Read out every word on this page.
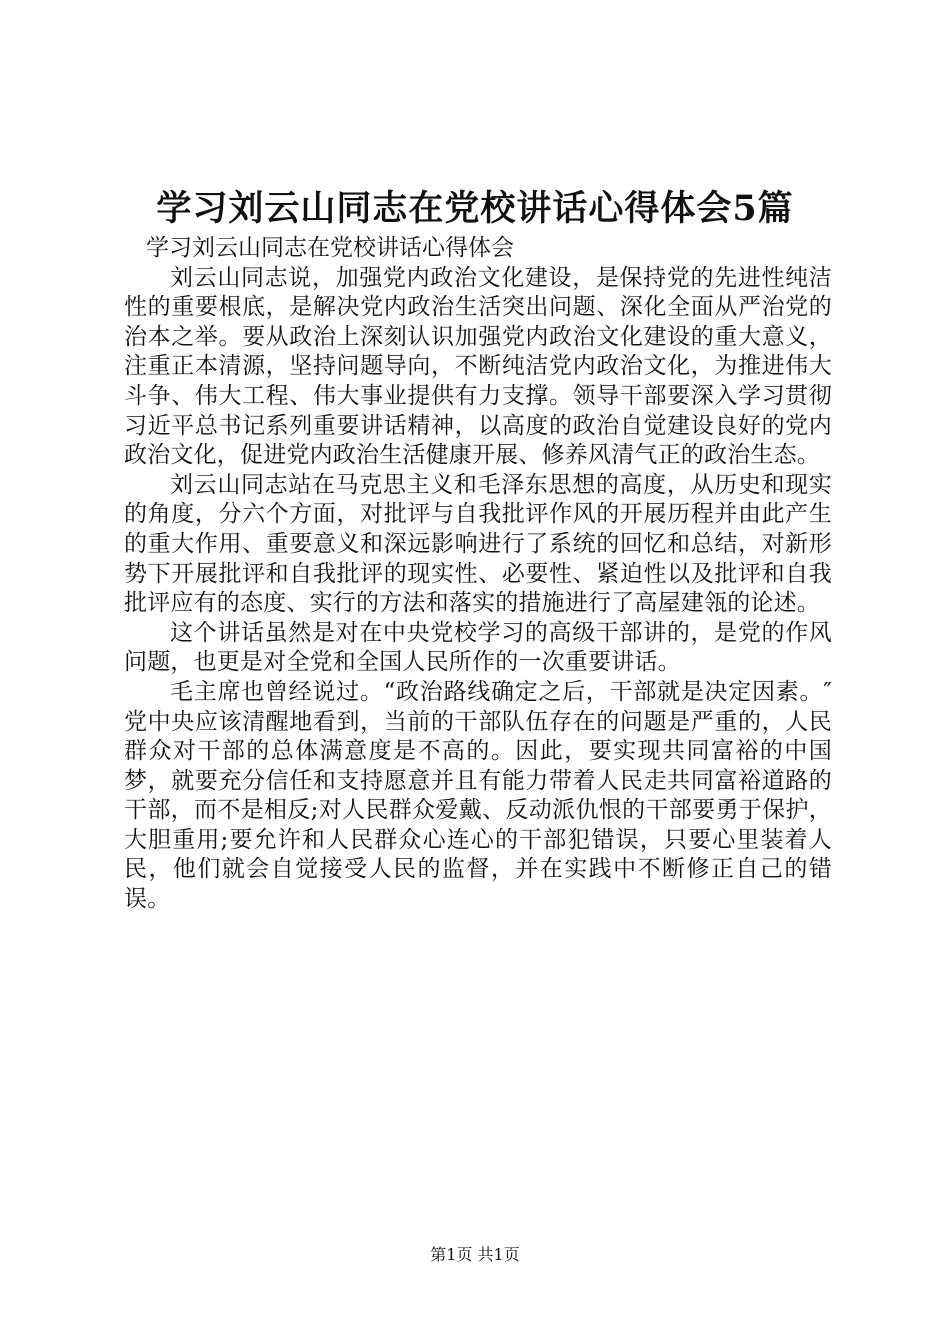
学习刘云山同志在党校讲话心得体会5篇

学习刘云山同志在党校讲话心得体会

刘云山同志说，加强党内政治文化建设，是保持党的先进性纯洁性的重要根底，是解决党内政治生活突出问题、深化全面从严治党的治本之举。要从政治上深刻认识加强党内政治文化建设的重大意义，注重正本清源，坚持问题导向，不断纯洁党内政治文化，为推进伟大斗争、伟大工程、伟大事业提供有力支撑。领导干部要深入学习贯彻习近平总书记系列重要讲话精神，以高度的政治自觉建设良好的党内政治文化，促进党内政治生活健康开展、修养风清气正的政治生态。

刘云山同志站在马克思主义和毛泽东思想的高度，从历史和现实的角度，分六个方面，对批评与自我批评作风的开展历程并由此产生的重大作用、重要意义和深远影响进行了系统的回忆和总结，对新形势下开展批评和自我批评的现实性、必要性、紧迫性以及批评和自我批评应有的态度、实行的方法和落实的措施进行了高屋建瓴的论述。

这个讲话虽然是对在中央党校学习的高级干部讲的，是党的作风问题，也更是对全党和全国人民所作的一次重要讲话。

毛主席也曾经说过。“政治路线确定之后，干部就是决定因素。″党中央应该清醒地看到，当前的干部队伍存在的问题是严重的，人民群众对干部的总体满意度是不高的。因此，要实现共同富裕的中国梦，就要充分信任和支持愿意并且有能力带着人民走共同富裕道路的干部，而不是相反;对人民群众爱戴、反动派仇恨的干部要勇于保护，大胆重用;要允许和人民群众心连心的干部犯错误，只要心里装着人民，他们就会自觉接受人民的监督，并在实践中不断修正自己的错误。

第1页 共1页
